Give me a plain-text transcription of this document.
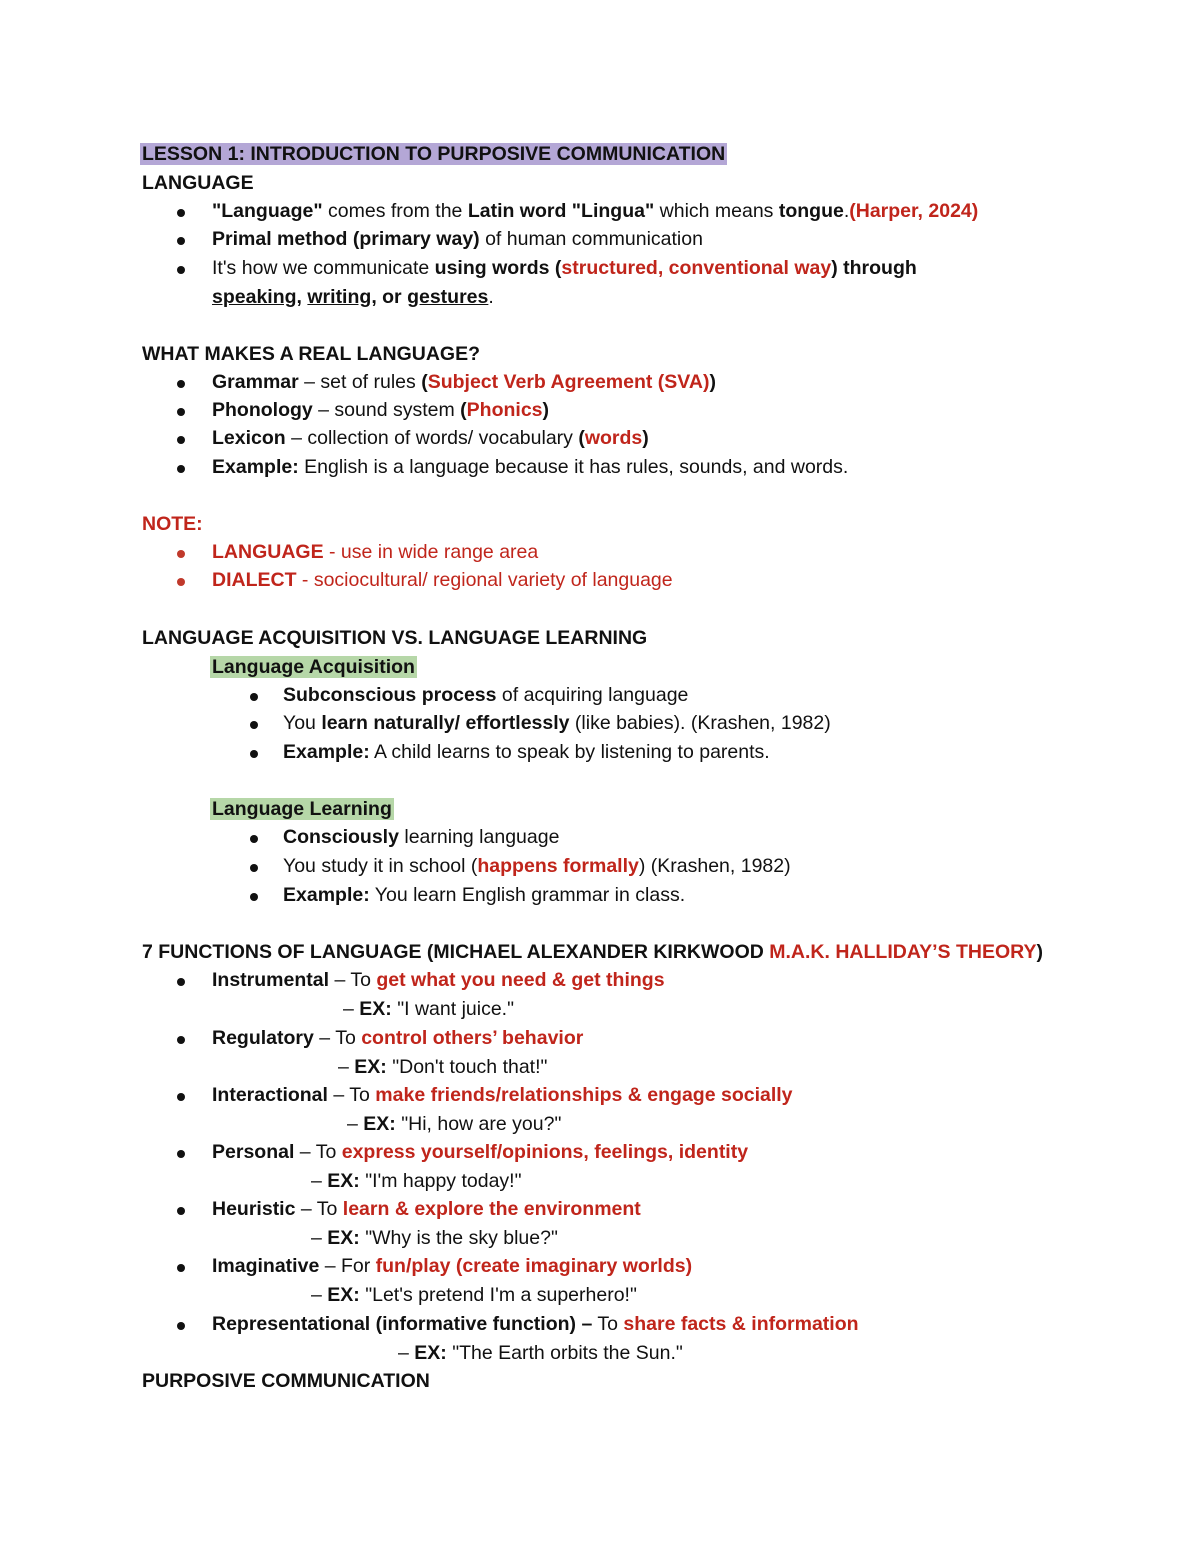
LESSON 1: INTRODUCTION TO PURPOSIVE COMMUNICATION
LANGUAGE
"Language" comes from the Latin word "Lingua" which means tongue.(Harper, 2024)
Primal method (primary way) of human communication
It's how we communicate using words (structured, conventional way) through
speaking, writing, or gestures.
WHAT MAKES A REAL LANGUAGE?
Grammar – set of rules (Subject Verb Agreement (SVA))
Phonology – sound system (Phonics)
Lexicon – collection of words/ vocabulary (words)
Example: English is a language because it has rules, sounds, and words.
NOTE:
LANGUAGE - use in wide range area
DIALECT - sociocultural/ regional variety of language
LANGUAGE ACQUISITION VS. LANGUAGE LEARNING
Language Acquisition
Subconscious process of acquiring language
You learn naturally/ effortlessly (like babies). (Krashen, 1982)
Example: A child learns to speak by listening to parents.
Language Learning
Consciously learning language
You study it in school (happens formally) (Krashen, 1982)
Example: You learn English grammar in class.
7 FUNCTIONS OF LANGUAGE (MICHAEL ALEXANDER KIRKWOOD M.A.K. HALLIDAY’S THEORY)
Instrumental – To get what you need & get things
– EX: "I want juice."
Regulatory – To control others’ behavior
– EX: "Don't touch that!"
Interactional – To make friends/relationships & engage socially
– EX: "Hi, how are you?"
Personal – To express yourself/opinions, feelings, identity
– EX: "I'm happy today!"
Heuristic – To learn & explore the environment
– EX: "Why is the sky blue?"
Imaginative – For fun/play (create imaginary worlds)
– EX: "Let's pretend I'm a superhero!"
Representational (informative function) – To share facts & information
– EX: "The Earth orbits the Sun."
PURPOSIVE COMMUNICATION
